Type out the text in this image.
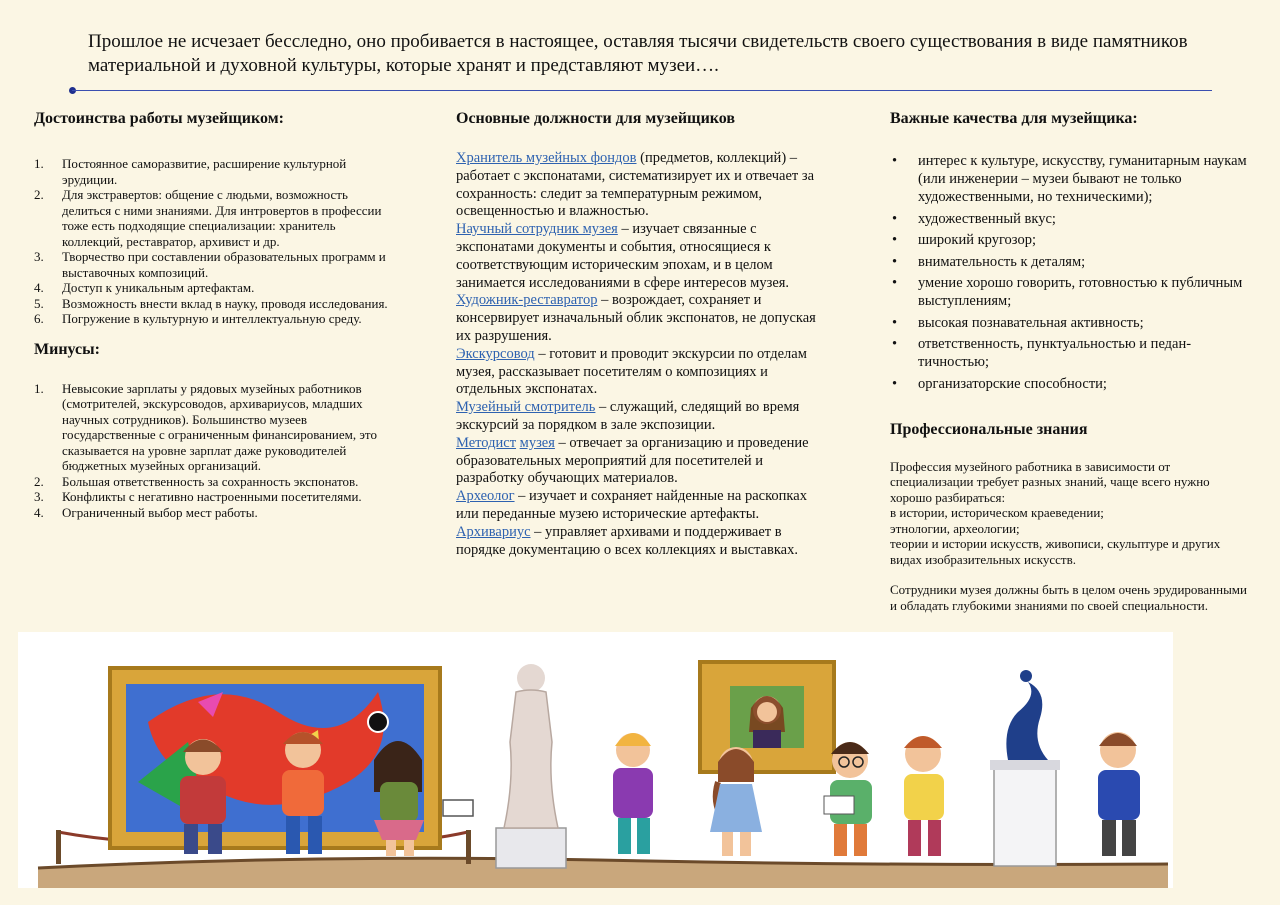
Прошлое не исчезает бесследно, оно пробивается в настоящее, оставляя тысячи свидетельств своего существования в виде памятников материальной и духовной культуры, которые хранят и представляют музеи….
Достоинства работы музейщиком:
1. Постоянное саморазвитие, расширение культурной эрудиции.
2. Для экстравертов: общение с людьми, возможность делиться с ними знаниями. Для интровертов в профессии тоже есть подходящие специализации: хранитель коллекций, реставратор, архивист и др.
3. Творчество при составлении образовательных программ и выставочных композиций.
4. Доступ к уникальным артефактам.
5. Возможность внести вклад в науку, проводя исследования.
6. Погружение в культурную и интеллектуальную среду.
Минусы:
1. Невысокие зарплаты у рядовых музейных работников (смотрителей, экскурсоводов, архивариусов, младших научных сотрудников). Большинство музеев государственные с ограниченным финансированием, это сказывается на уровне зарплат даже руководителей бюджетных музейных организаций.
2. Большая ответственность за сохранность экспонатов.
3. Конфликты с негативно настроенными посетителями.
4. Ограниченный выбор мест работы.
Основные должности для музейщиков

Хранитель музейных фондов (предметов, коллекций) – работает с экспонатами, систематизирует их и отвечает за сохранность: следит за температурным режимом, освещенностью и влажностью.

Научный сотрудник музея – изучает связанные с экспонатами документы и события, относящиеся к соответствующим историческим эпохам, и в целом занимается исследованиями в сфере интересов музея.

Художник-реставратор – возрождает, сохраняет и консервирует изначальный облик экспонатов, не допуская их разрушения.

Экскурсовод – готовит и проводит экскурсии по отделам музея, рассказывает посетителям о композициях и отдельных экспонатах.

Музейный смотритель – служащий, следящий во время экскурсий за порядком в зале экспозиции.

Методист музея – отвечает за организацию и проведение образовательных мероприятий для посетителей и разработку обучающих материалов.

Археолог – изучает и сохраняет найденные на раскопках или переданные музею исторические артефакты.

Архивариус – управляет архивами и поддерживает в порядке документацию о всех коллекциях и выставках.

Важные качества для музейщика:
• интерес к культуре, искусству, гуманитарным наукам (или инженерии – музеи бывают не только художественными, но техническими);
• художественный вкус;
• широкий кругозор;
• внимательность к деталям;
• умение хорошо говорить, готовностью к публичным выступлениям;
• высокая познавательная активность;
• ответственность, пунктуальностью и педантичностью;
• организаторские способности;
Профессиональные знания

Профессия музейного работника в зависимости от специализации требует разных знаний, чаще всего нужно хорошо разбираться:

в истории, историческом краеведении;

этнологии, археологии;

теории и истории искусств, живописи, скульптуре и других видах изобразительных искусств.

Сотрудники музея должны быть в целом очень эрудированными и обладать глубокими знаниями по своей специальности.
